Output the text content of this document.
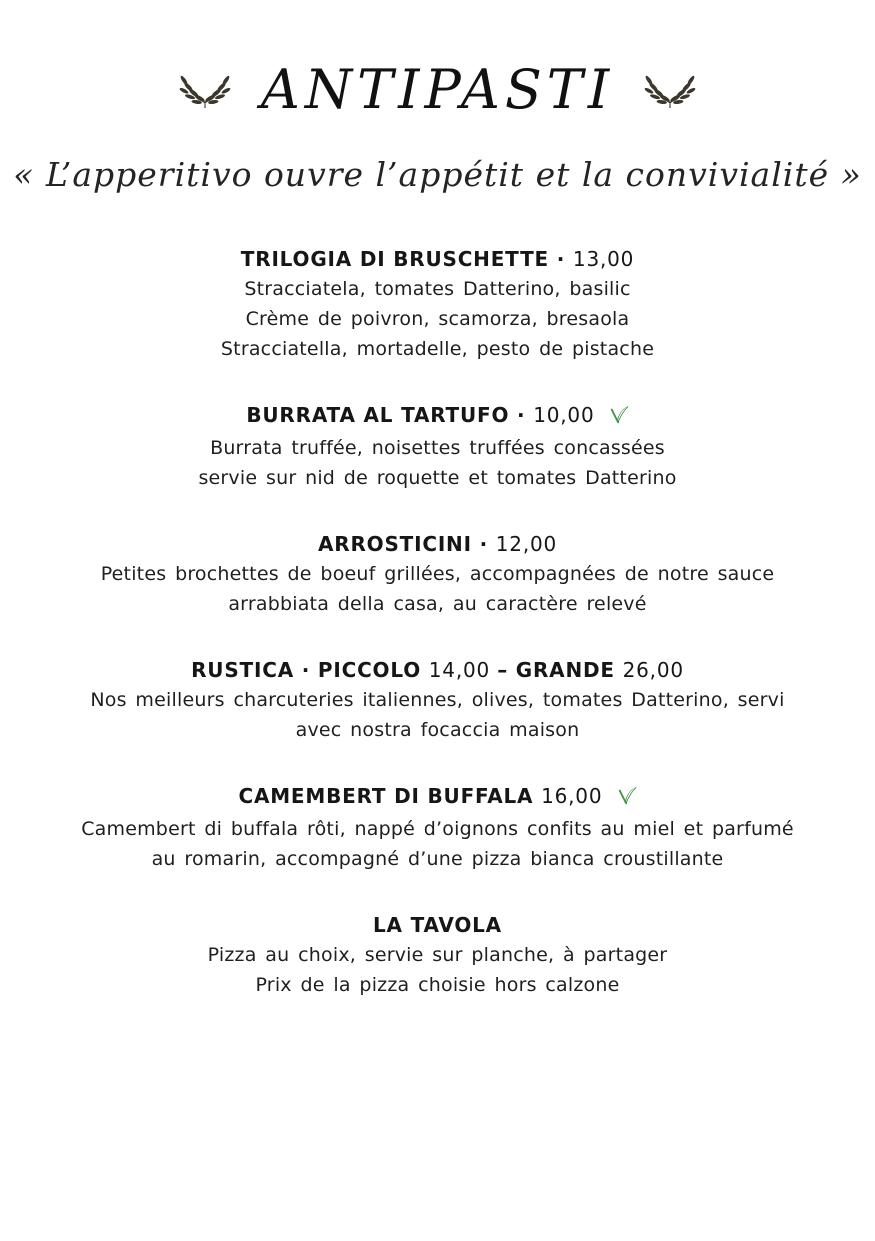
ANTIPASTI

« L’apperitivo ouvre l’appétit et la convivialité »

TRILOGIA DI BRUSCHETTE · 13,00
Stracciatela, tomates Datterino, basilic
Crème de poivron, scamorza, bresaola
Stracciatella, mortadelle, pesto de pistache
BURRATA AL TARTUFO · 10,00
Burrata truffée, noisettes truffées concassées
servie sur nid de roquette et tomates Datterino
ARROSTICINI · 12,00
Petites brochettes de boeuf grillées, accompagnées de notre sauce
arrabbiata della casa, au caractère relevé
RUSTICA · PICCOLO 14,00 – GRANDE 26,00
Nos meilleurs charcuteries italiennes, olives, tomates Datterino, servi
avec nostra focaccia maison
CAMEMBERT DI BUFFALA 16,00
Camembert di buffala rôti, nappé d’oignons confits au miel et parfumé
au romarin, accompagné d’une pizza bianca croustillante
LA TAVOLA
Pizza au choix, servie sur planche, à partager
Prix de la pizza choisie hors calzone
